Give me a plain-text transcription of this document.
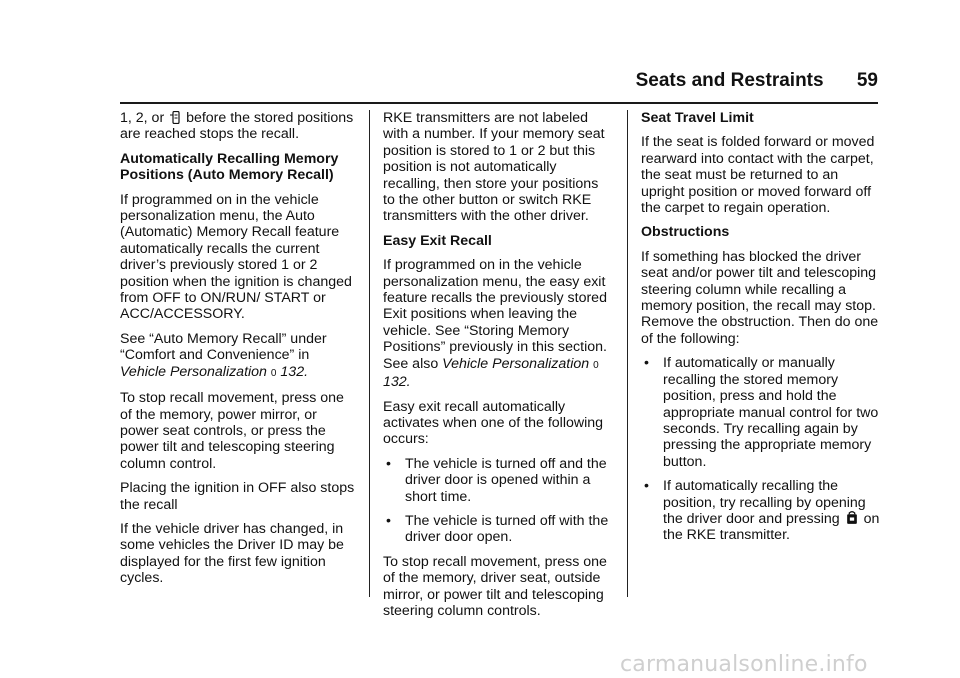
Seats and Restraints 59

1, 2, or  before the stored positions are reached stops the recall.

Automatically Recalling Memory Positions (Auto Memory Recall)

If programmed on in the vehicle personalization menu, the Auto (Automatic) Memory Recall feature automatically recalls the current driver’s previously stored 1 or 2 position when the ignition is changed from OFF to ON/RUN/ START or ACC/ACCESSORY.

See “Auto Memory Recall” under “Comfort and Convenience” in Vehicle Personalization 0 132.

To stop recall movement, press one of the memory, power mirror, or power seat controls, or press the power tilt and telescoping steering column control.

Placing the ignition in OFF also stops the recall

If the vehicle driver has changed, in some vehicles the Driver ID may be displayed for the first few ignition cycles.

RKE transmitters are not labeled with a number. If your memory seat position is stored to 1 or 2 but this position is not automatically recalling, then store your positions to the other button or switch RKE transmitters with the other driver.

Easy Exit Recall

If programmed on in the vehicle personalization menu, the easy exit feature recalls the previously stored Exit positions when leaving the vehicle. See “Storing Memory Positions” previously in this section. See also Vehicle Personalization 0 132.

Easy exit recall automatically activates when one of the following occurs:

• The vehicle is turned off and the driver door is opened within a short time.
• The vehicle is turned off with the driver door open.

To stop recall movement, press one of the memory, driver seat, outside mirror, or power tilt and telescoping steering column controls.

Seat Travel Limit

If the seat is folded forward or moved rearward into contact with the carpet, the seat must be returned to an upright position or moved forward off the carpet to regain operation.

Obstructions

If something has blocked the driver seat and/or power tilt and telescoping steering column while recalling a memory position, the recall may stop. Remove the obstruction. Then do one of the following:

• If automatically or manually recalling the stored memory position, press and hold the appropriate manual control for two seconds. Try recalling again by pressing the appropriate memory button.
• If automatically recalling the position, try recalling by opening the driver door and pressing on the RKE transmitter.
carmanualsonline.info
